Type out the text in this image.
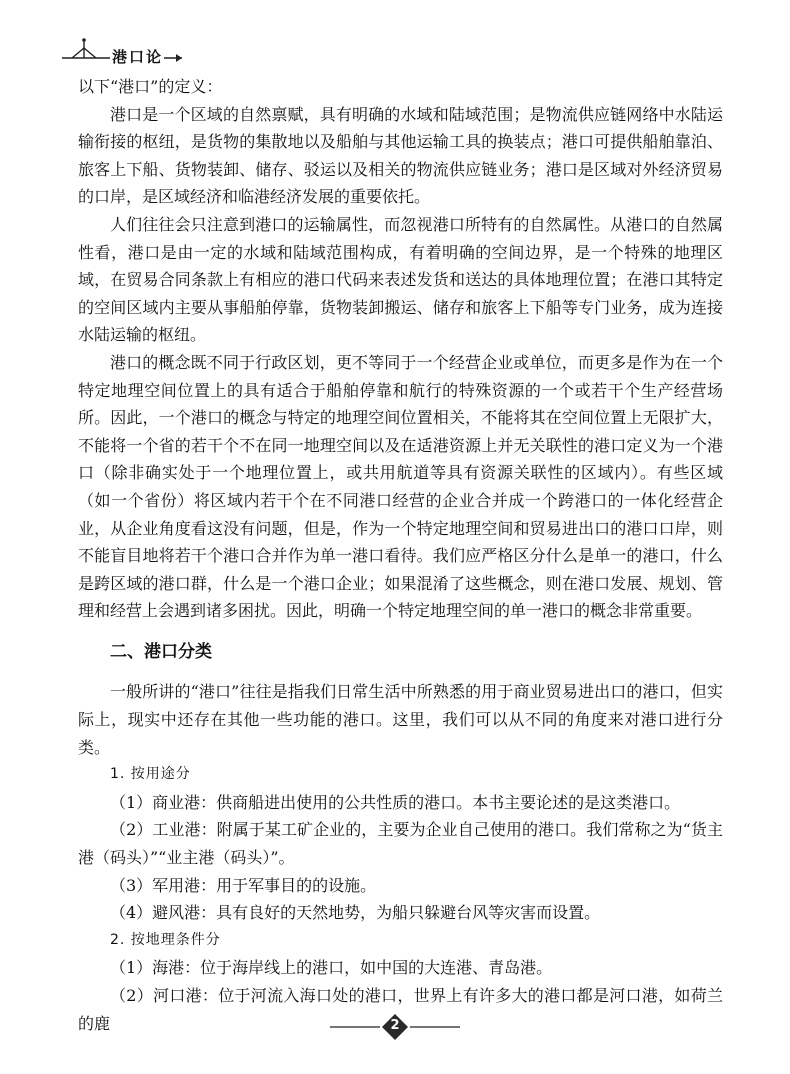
港口论

以下“港口”的定义：

港口是一个区域的自然禀赋，具有明确的水域和陆域范围；是物流供应链网络中水陆运输衔接的枢纽，是货物的集散地以及船舶与其他运输工具的换装点；港口可提供船舶靠泊、旅客上下船、货物装卸、储存、驳运以及相关的物流供应链业务；港口是区域对外经济贸易的口岸，是区域经济和临港经济发展的重要依托。

人们往往会只注意到港口的运输属性，而忽视港口所特有的自然属性。从港口的自然属性看，港口是由一定的水域和陆域范围构成，有着明确的空间边界，是一个特殊的地理区域，在贸易合同条款上有相应的港口代码来表述发货和送达的具体地理位置；在港口其特定的空间区域内主要从事船舶停靠，货物装卸搬运、储存和旅客上下船等专门业务，成为连接水陆运输的枢纽。

港口的概念既不同于行政区划，更不等同于一个经营企业或单位，而更多是作为在一个特定地理空间位置上的具有适合于船舶停靠和航行的特殊资源的一个或若干个生产经营场所。因此，一个港口的概念与特定的地理空间位置相关，不能将其在空间位置上无限扩大，不能将一个省的若干个不在同一地理空间以及在适港资源上并无关联性的港口定义为一个港口（除非确实处于一个地理位置上，或共用航道等具有资源关联性的区域内）。有些区域（如一个省份）将区域内若干个在不同港口经营的企业合并成一个跨港口的一体化经营企业，从企业角度看这没有问题，但是，作为一个特定地理空间和贸易进出口的港口口岸，则不能盲目地将若干个港口合并作为单一港口看待。我们应严格区分什么是单一的港口，什么是跨区域的港口群，什么是一个港口企业；如果混淆了这些概念，则在港口发展、规划、管理和经营上会遇到诸多困扰。因此，明确一个特定地理空间的单一港口的概念非常重要。

二、港口分类

一般所讲的“港口”往往是指我们日常生活中所熟悉的用于商业贸易进出口的港口，但实际上，现实中还存在其他一些功能的港口。这里，我们可以从不同的角度来对港口进行分类。

1. 按用途分

（1）商业港：供商船进出使用的公共性质的港口。本书主要论述的是这类港口。

（2）工业港：附属于某工矿企业的，主要为企业自己使用的港口。我们常称之为“货主港（码头）”“业主港（码头）”。

（3）军用港：用于军事目的的设施。

（4）避风港：具有良好的天然地势，为船只躲避台风等灾害而设置。

2. 按地理条件分

（1）海港：位于海岸线上的港口，如中国的大连港、青岛港。

（2）河口港：位于河流入海口处的港口，世界上有许多大的港口都是河口港，如荷兰的鹿	2
